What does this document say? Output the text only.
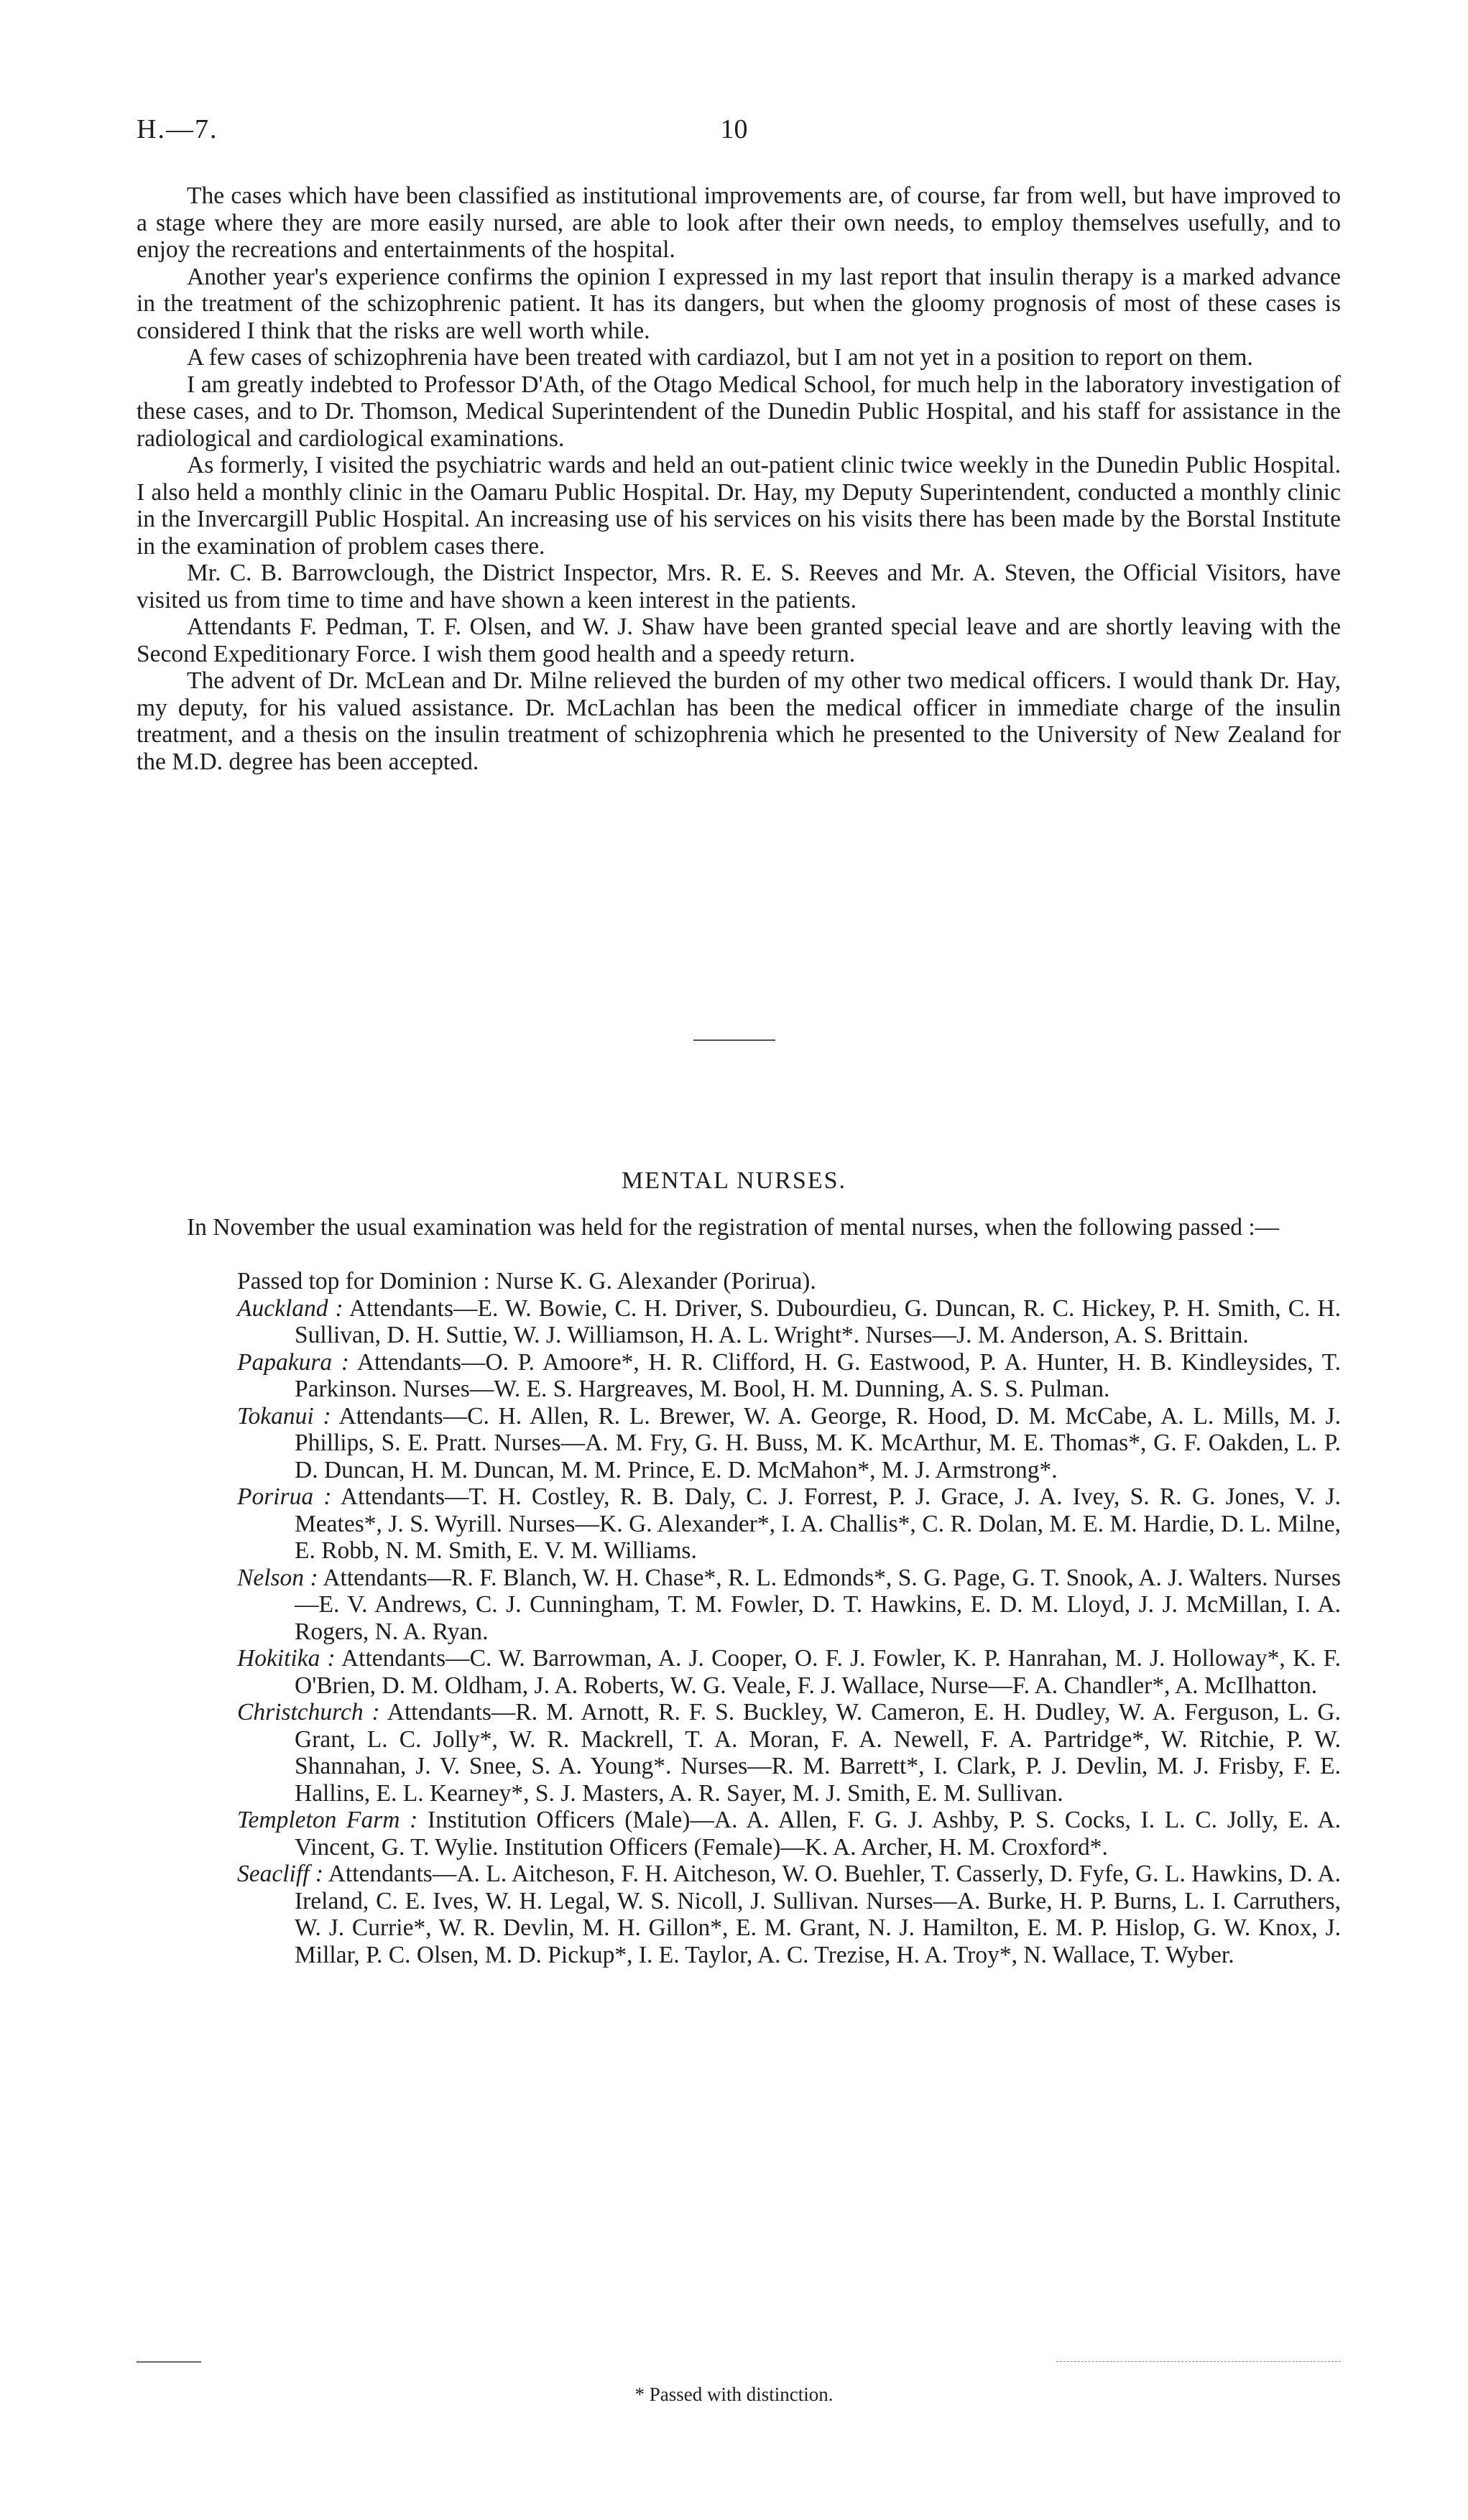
H.—7.	10

The cases which have been classified as institutional improvements are, of course, far from well, but have improved to a stage where they are more easily nursed, are able to look after their own needs, to employ themselves usefully, and to enjoy the recreations and entertainments of the hospital.

Another year's experience confirms the opinion I expressed in my last report that insulin therapy is a marked advance in the treatment of the schizophrenic patient. It has its dangers, but when the gloomy prognosis of most of these cases is considered I think that the risks are well worth while.

A few cases of schizophrenia have been treated with cardiazol, but I am not yet in a position to report on them.

I am greatly indebted to Professor D'Ath, of the Otago Medical School, for much help in the laboratory investigation of these cases, and to Dr. Thomson, Medical Superintendent of the Dunedin Public Hospital, and his staff for assistance in the radiological and cardiological examinations.

As formerly, I visited the psychiatric wards and held an out-patient clinic twice weekly in the Dunedin Public Hospital. I also held a monthly clinic in the Oamaru Public Hospital. Dr. Hay, my Deputy Superintendent, conducted a monthly clinic in the Invercargill Public Hospital. An increasing use of his services on his visits there has been made by the Borstal Institute in the examination of problem cases there.

Mr. C. B. Barrowclough, the District Inspector, Mrs. R. E. S. Reeves and Mr. A. Steven, the Official Visitors, have visited us from time to time and have shown a keen interest in the patients.

Attendants F. Pedman, T. F. Olsen, and W. J. Shaw have been granted special leave and are shortly leaving with the Second Expeditionary Force. I wish them good health and a speedy return.

The advent of Dr. McLean and Dr. Milne relieved the burden of my other two medical officers. I would thank Dr. Hay, my deputy, for his valued assistance. Dr. McLachlan has been the medical officer in immediate charge of the insulin treatment, and a thesis on the insulin treatment of schizophrenia which he presented to the University of New Zealand for the M.D. degree has been accepted.

MENTAL NURSES.

In November the usual examination was held for the registration of mental nurses, when the following passed :—

Passed top for Dominion : Nurse K. G. Alexander (Porirua).
Auckland : Attendants—E. W. Bowie, C. H. Driver, S. Dubourdieu, G. Duncan, R. C. Hickey, P. H. Smith, C. H. Sullivan, D. H. Suttie, W. J. Williamson, H. A. L. Wright*. Nurses—J. M. Anderson, A. S. Brittain.
Papakura : Attendants—O. P. Amoore*, H. R. Clifford, H. G. Eastwood, P. A. Hunter, H. B. Kindleysides, T. Parkinson. Nurses—W. E. S. Hargreaves, M. Bool, H. M. Dunning, A. S. S. Pulman.
Tokanui : Attendants—C. H. Allen, R. L. Brewer, W. A. George, R. Hood, D. M. McCabe, A. L. Mills, M. J. Phillips, S. E. Pratt. Nurses—A. M. Fry, G. H. Buss, M. K. McArthur, M. E. Thomas*, G. F. Oakden, L. P. D. Duncan, H. M. Duncan, M. M. Prince, E. D. McMahon*, M. J. Armstrong*.
Porirua : Attendants—T. H. Costley, R. B. Daly, C. J. Forrest, P. J. Grace, J. A. Ivey, S. R. G. Jones, V. J. Meates*, J. S. Wyrill. Nurses—K. G. Alexander*, I. A. Challis*, C. R. Dolan, M. E. M. Hardie, D. L. Milne, E. Robb, N. M. Smith, E. V. M. Williams.
Nelson : Attendants—R. F. Blanch, W. H. Chase*, R. L. Edmonds*, S. G. Page, G. T. Snook, A. J. Walters. Nurses—E. V. Andrews, C. J. Cunningham, T. M. Fowler, D. T. Hawkins, E. D. M. Lloyd, J. J. McMillan, I. A. Rogers, N. A. Ryan.
Hokitika : Attendants—C. W. Barrowman, A. J. Cooper, O. F. J. Fowler, K. P. Hanrahan, M. J. Holloway*, K. F. O'Brien, D. M. Oldham, J. A. Roberts, W. G. Veale, F. J. Wallace, Nurse—F. A. Chandler*, A. McIlhatton.
Christchurch : Attendants—R. M. Arnott, R. F. S. Buckley, W. Cameron, E. H. Dudley, W. A. Ferguson, L. G. Grant, L. C. Jolly*, W. R. Mackrell, T. A. Moran, F. A. Newell, F. A. Partridge*, W. Ritchie, P. W. Shannahan, J. V. Snee, S. A. Young*. Nurses—R. M. Barrett*, I. Clark, P. J. Devlin, M. J. Frisby, F. E. Hallins, E. L. Kearney*, S. J. Masters, A. R. Sayer, M. J. Smith, E. M. Sullivan.
Templeton Farm : Institution Officers (Male)—A. A. Allen, F. G. J. Ashby, P. S. Cocks, I. L. C. Jolly, E. A. Vincent, G. T. Wylie. Institution Officers (Female)—K. A. Archer, H. M. Croxford*.
Seacliff : Attendants—A. L. Aitcheson, F. H. Aitcheson, W. O. Buehler, T. Casserly, D. Fyfe, G. L. Hawkins, D. A. Ireland, C. E. Ives, W. H. Legal, W. S. Nicoll, J. Sullivan. Nurses—A. Burke, H. P. Burns, L. I. Carruthers, W. J. Currie*, W. R. Devlin, M. H. Gillon*, E. M. Grant, N. J. Hamilton, E. M. P. Hislop, G. W. Knox, J. Millar, P. C. Olsen, M. D. Pickup*, I. E. Taylor, A. C. Trezise, H. A. Troy*, N. Wallace, T. Wyber.
* Passed with distinction.
